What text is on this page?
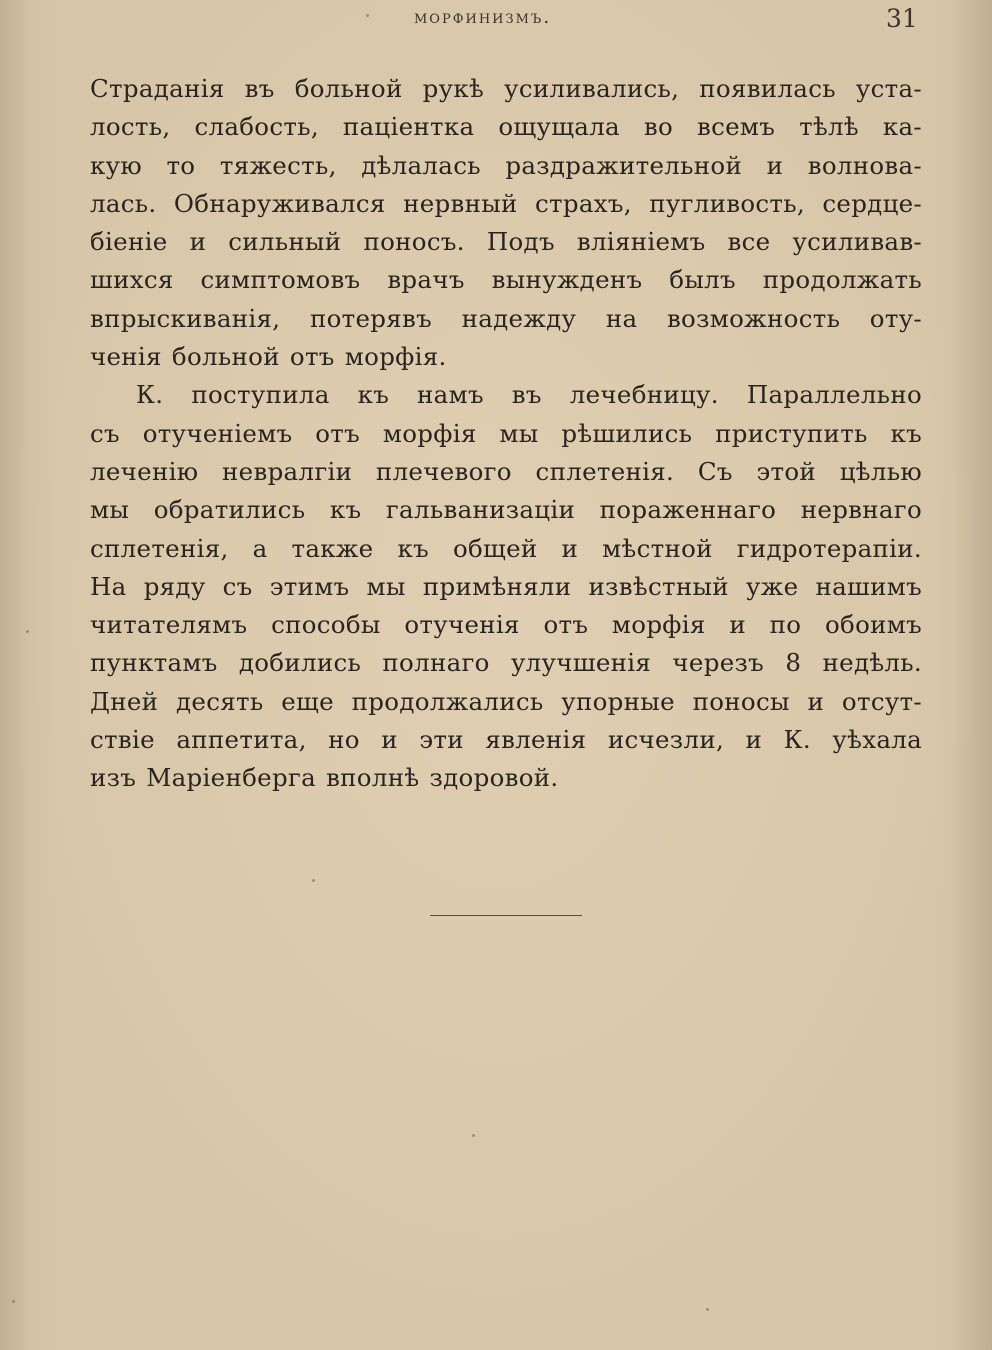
морфинизмъ.	31
Страданія въ больной рукѣ усиливались, появилась уста-
лость, слабость, пацiентка ощущала во всемъ тѣлѣ ка-
кую то тяжесть, дѣлалась раздражительной и волнова-
лась. Обнаруживался нервный страхъ, пугливость, сердце-
біеніе и сильный поносъ. Подъ вліяніемъ все усиливав-
шихся симптомовъ врачъ вынужденъ былъ продолжать
впрыскиванія, потерявъ надежду на возможность оту-
ченія больной отъ морфія.
К. поступила къ намъ въ лечебницу. Параллельно
съ отученіемъ отъ морфія мы рѣшились приступить къ
леченію невралгіи плечевого сплетенія. Съ этой цѣлью
мы обратились къ гальванизаціи пораженнаго нервнаго
сплетенія, а также къ общей и мѣстной гидротерапіи.
На ряду съ этимъ мы примѣняли извѣстный уже нашимъ
читателямъ способы отученія отъ морфія и по обоимъ
пунктамъ добились полнаго улучшенія черезъ 8 недѣль.
Дней десять еще продолжались упорные поносы и отсут-
ствіе аппетита, но и эти явленія исчезли, и К. уѣхала
изъ Маріенберга вполнѣ здоровой.
